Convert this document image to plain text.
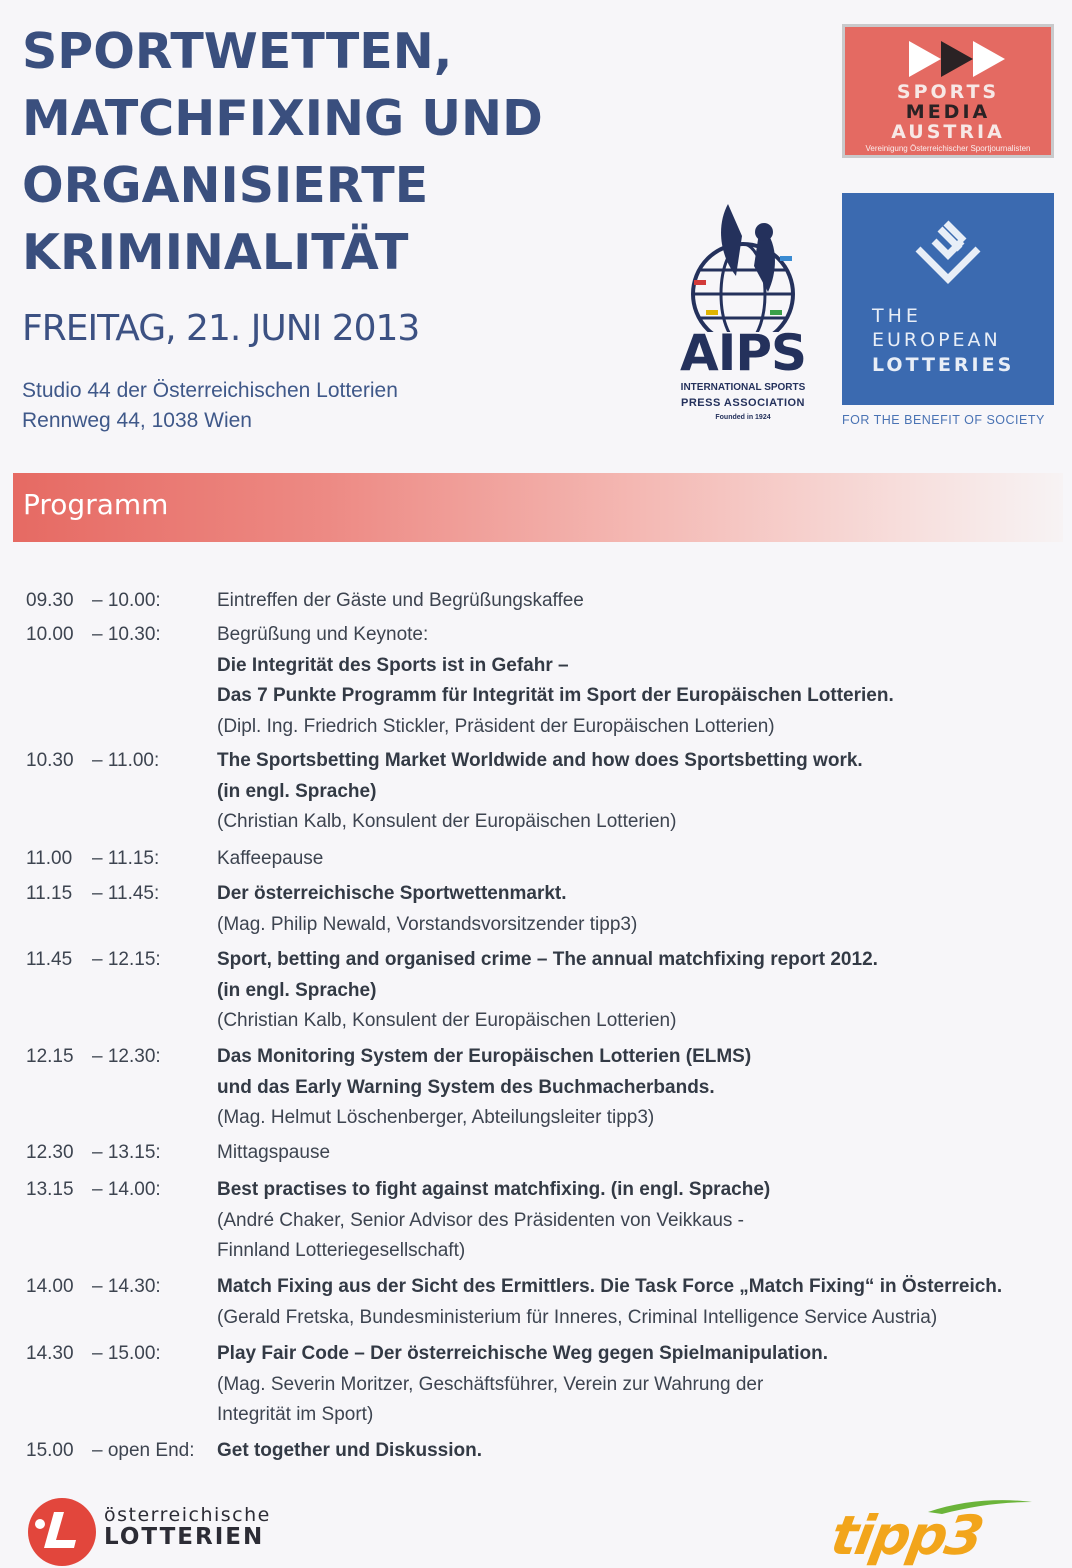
SPORTWETTEN,
MATCHFIXING UND
ORGANISIERTE
KRIMINALITÄT
FREITAG, 21. JUNI 2013
Studio 44 der Österreichischen Lotterien
Rennweg 44, 1038 Wien
SPORTS
MEDIA
AUSTRIA
Vereinigung Österreichischer Sportjournalisten
AIPS
INTERNATIONAL SPORTS
PRESS ASSOCIATION
Founded in 1924
THE
EUROPEAN
LOTTERIES
FOR THE BENEFIT OF SOCIETY
Programm
09.30 – 10.00:	Eintreffen der Gäste und Begrüßungskaffee
10.00 – 10.30:	Begrüßung und Keynote:
Die Integrität des Sports ist in Gefahr –
Das 7 Punkte Programm für Integrität im Sport der Europäischen Lotterien.
(Dipl. Ing. Friedrich Stickler, Präsident der Europäischen Lotterien)
10.30 – 11.00:	The Sportsbetting Market Worldwide and how does Sportsbetting work.
(in engl. Sprache)
(Christian Kalb, Konsulent der Europäischen Lotterien)
11.00 – 11.15:	Kaffeepause
11.15 – 11.45:	Der österreichische Sportwettenmarkt.
(Mag. Philip Newald, Vorstandsvorsitzender tipp3)
11.45 – 12.15:	Sport, betting and organised crime – The annual matchfixing report 2012.
(in engl. Sprache)
(Christian Kalb, Konsulent der Europäischen Lotterien)
12.15 – 12.30:	Das Monitoring System der Europäischen Lotterien (ELMS)
und das Early Warning System des Buchmacherbands.
(Mag. Helmut Löschenberger, Abteilungsleiter tipp3)
12.30 – 13.15:	Mittagspause
13.15 – 14.00:	Best practises to fight against matchfixing. (in engl. Sprache)
(André Chaker, Senior Advisor des Präsidenten von Veikkaus -
Finnland Lotteriegesellschaft)
14.00 – 14.30:	Match Fixing aus der Sicht des Ermittlers. Die Task Force „Match Fixing“ in Österreich.
(Gerald Fretska, Bundesministerium für Inneres, Criminal Intelligence Service Austria)
14.30 – 15.00:	Play Fair Code – Der österreichische Weg gegen Spielmanipulation.
(Mag. Severin Moritzer, Geschäftsführer, Verein zur Wahrung der
Integrität im Sport)
15.00 – open End: Get together und Diskussion.
österreichische
LOTTERIEN	tipp3
